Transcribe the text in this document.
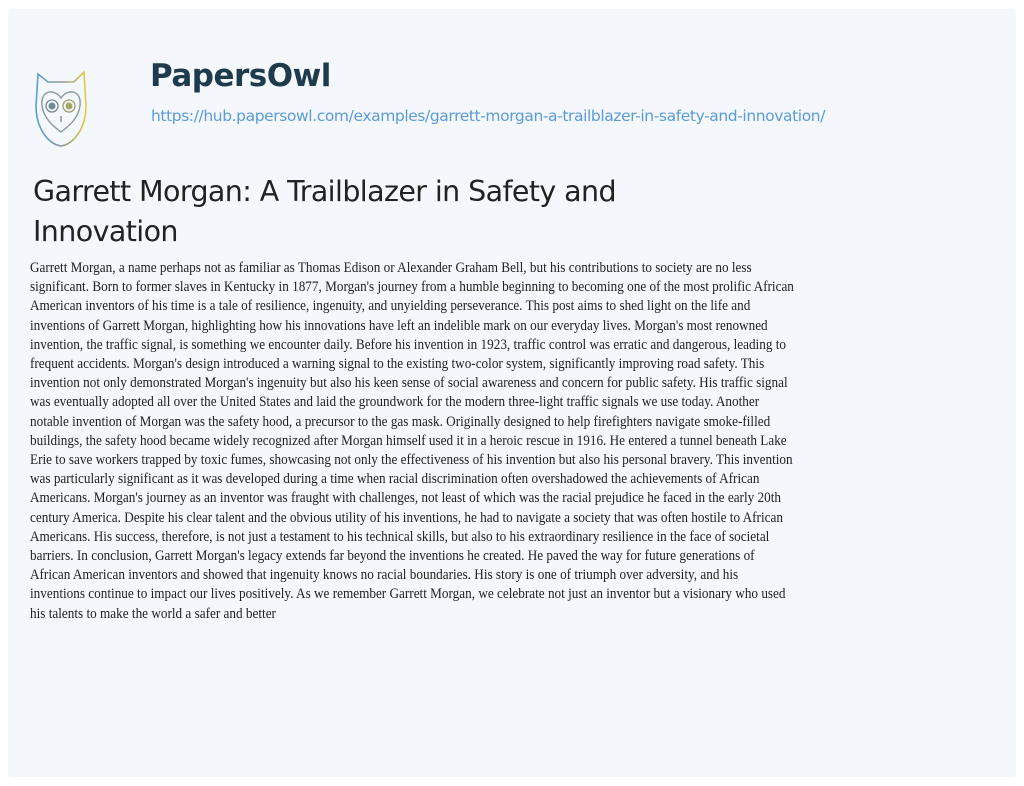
PapersOwl
https://hub.papersowl.com/examples/garrett-morgan-a-trailblazer-in-safety-and-innovation/
Garrett Morgan: A Trailblazer in Safety and Innovation
Garrett Morgan, a name perhaps not as familiar as Thomas Edison or Alexander Graham Bell, but his contributions to society are no less
significant. Born to former slaves in Kentucky in 1877, Morgan's journey from a humble beginning to becoming one of the most prolific African
American inventors of his time is a tale of resilience, ingenuity, and unyielding perseverance. This post aims to shed light on the life and
inventions of Garrett Morgan, highlighting how his innovations have left an indelible mark on our everyday lives. Morgan's most renowned
invention, the traffic signal, is something we encounter daily. Before his invention in 1923, traffic control was erratic and dangerous, leading to
frequent accidents. Morgan's design introduced a warning signal to the existing two-color system, significantly improving road safety. This
invention not only demonstrated Morgan's ingenuity but also his keen sense of social awareness and concern for public safety. His traffic signal
was eventually adopted all over the United States and laid the groundwork for the modern three-light traffic signals we use today. Another
notable invention of Morgan was the safety hood, a precursor to the gas mask. Originally designed to help firefighters navigate smoke-filled
buildings, the safety hood became widely recognized after Morgan himself used it in a heroic rescue in 1916. He entered a tunnel beneath Lake
Erie to save workers trapped by toxic fumes, showcasing not only the effectiveness of his invention but also his personal bravery. This invention
was particularly significant as it was developed during a time when racial discrimination often overshadowed the achievements of African
Americans. Morgan's journey as an inventor was fraught with challenges, not least of which was the racial prejudice he faced in the early 20th
century America. Despite his clear talent and the obvious utility of his inventions, he had to navigate a society that was often hostile to African
Americans. His success, therefore, is not just a testament to his technical skills, but also to his extraordinary resilience in the face of societal
barriers. In conclusion, Garrett Morgan's legacy extends far beyond the inventions he created. He paved the way for future generations of
African American inventors and showed that ingenuity knows no racial boundaries. His story is one of triumph over adversity, and his
inventions continue to impact our lives positively. As we remember Garrett Morgan, we celebrate not just an inventor but a visionary who used
his talents to make the world a safer and better
